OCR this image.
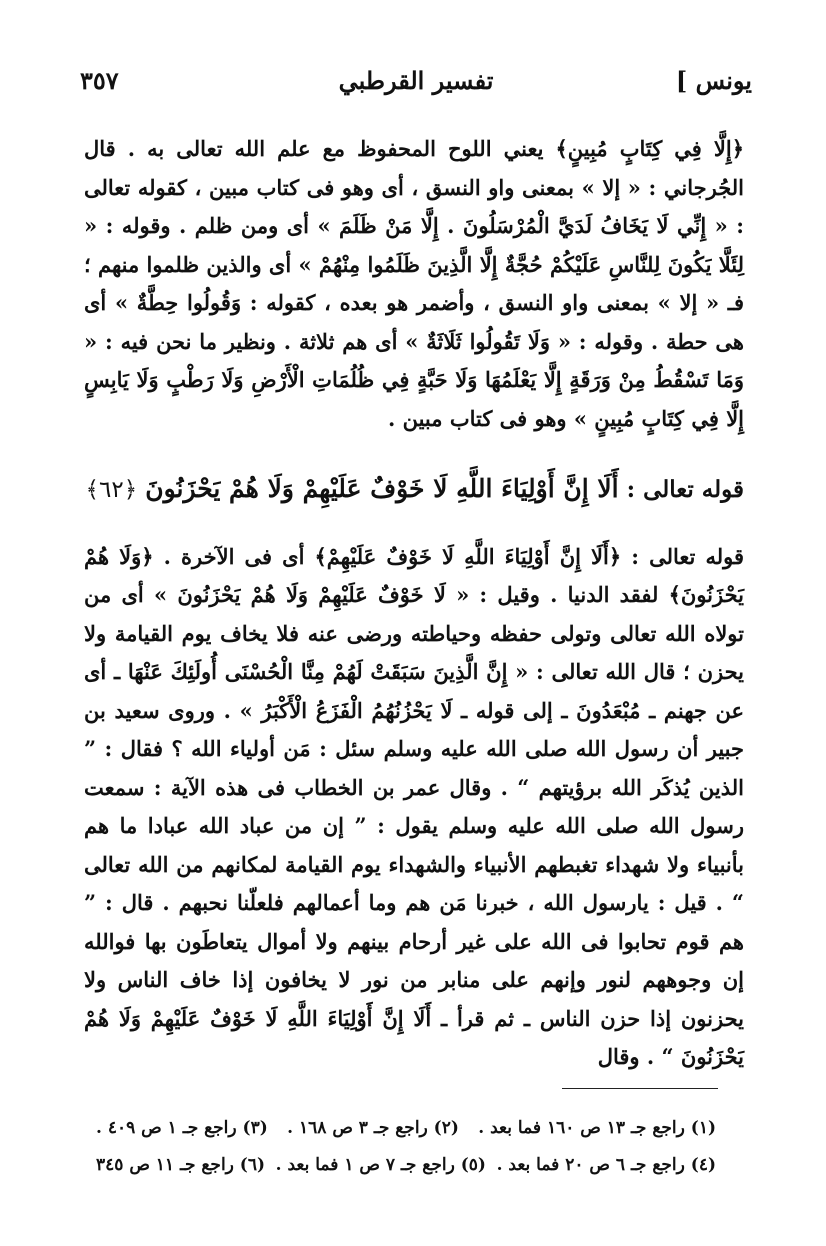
يونس ]
تفسير القرطبي
٣٥٧

﴿إِلَّا فِي كِتَابٍ مُبِينٍ﴾ يعني اللوح المحفوظ مع علم الله تعالى به . قال الجُرجاني : « إلا » بمعنى واو النسق ، أى وهو فى كتاب مبين ، كقوله تعالى : « إِنِّي لَا يَخَافُ لَدَيَّ الْمُرْسَلُونَ . إِلَّا مَنْ ظَلَمَ » أى ومن ظلم . وقوله : « لِئَلَّا يَكُونَ لِلنَّاسِ عَلَيْكُمْ حُجَّةٌ إِلَّا الَّذِينَ ظَلَمُوا مِنْهُمْ » أى والذين ظلموا منهم ؛ فـ « إلا » بمعنى واو النسق ، وأضمر هو بعده ، كقوله : وَقُولُوا حِطَّةٌ » أى هى حطة . وقوله : « وَلَا تَقُولُوا ثَلَاثَةٌ » أى هم ثلاثة . ونظير ما نحن فيه : « وَمَا تَسْقُطُ مِنْ وَرَقَةٍ إِلَّا يَعْلَمُهَا وَلَا حَبَّةٍ فِي ظُلُمَاتِ الْأَرْضِ وَلَا رَطْبٍ وَلَا يَابِسٍ إِلَّا فِي كِتَابٍ مُبِينٍ » وهو فى كتاب مبين .

قوله تعالى : أَلَا إِنَّ أَوْلِيَاءَ اللَّهِ لَا خَوْفٌ عَلَيْهِمْ وَلَا هُمْ يَحْزَنُونَ ﴿٦٢﴾

قوله تعالى : ﴿أَلَا إِنَّ أَوْلِيَاءَ اللَّهِ لَا خَوْفٌ عَلَيْهِمْ﴾ أى فى الآخرة . ﴿وَلَا هُمْ يَحْزَنُونَ﴾ لفقد الدنيا . وقيل : « لَا خَوْفٌ عَلَيْهِمْ وَلَا هُمْ يَحْزَنُونَ » أى من تولاه الله تعالى وتولى حفظه وحياطته ورضى عنه فلا يخاف يوم القيامة ولا يحزن ؛ قال الله تعالى : « إِنَّ الَّذِينَ سَبَقَتْ لَهُمْ مِنَّا الْحُسْنَى أُولَئِكَ عَنْهَا ـ أى عن جهنم ـ مُبْعَدُونَ ـ إلى قوله ـ لَا يَحْزُنُهُمُ الْفَزَعُ الْأَكْبَرُ » . وروى سعيد بن جبير أن رسول الله صلى الله عليه وسلم سئل : مَن أولياء الله ؟ فقال : ” الذين يُذكَر الله برؤيتهم “ . وقال عمر بن الخطاب فى هذه الآية : سمعت رسول الله صلى الله عليه وسلم يقول : ” إن من عباد الله عبادا ما هم بأنبياء ولا شهداء تغبطهم الأنبياء والشهداء يوم القيامة لمكانهم من الله تعالى “ . قيل : يارسول الله ، خبرنا مَن هم وما أعمالهم فلعلّنا نحبهم . قال : ” هم قوم تحابوا فى الله على غير أرحام بينهم ولا أموال يتعاطَون بها فوالله إن وجوههم لنور وإنهم على منابر من نور لا يخافون إذا خاف الناس ولا يحزنون إذا حزن الناس ـ ثم قرأ ـ أَلَا إِنَّ أَوْلِيَاءَ اللَّهِ لَا خَوْفٌ عَلَيْهِمْ وَلَا هُمْ يَحْزَنُونَ “ . وقال

(١) راجع جـ ١٣ ص ١٦٠ فما بعد .
(٢) راجع جـ ٣ ص ١٦٨ .
(٣) راجع جـ ١ ص ٤٠٩ .
(٤) راجع جـ ٦ ص ٢٠ فما بعد .
(٥) راجع جـ ٧ ص ١ فما بعد .
(٦) راجع جـ ١١ ص ٣٤٥
